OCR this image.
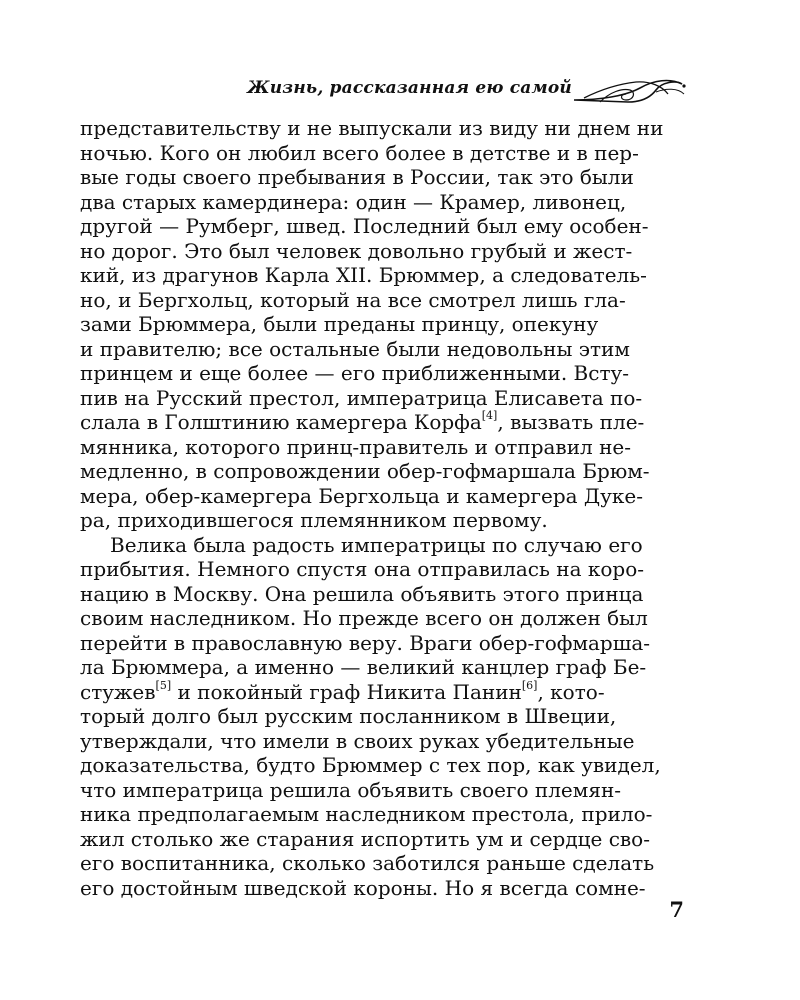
Жизнь, рассказанная ею самой
представительству и не выпускали из виду ни днем ни
ночью. Кого он любил всего более в детстве и в пер-
вые годы своего пребывания в России, так это были
два старых камердинера: один — Крамер, ливонец,
другой — Румберг, швед. Последний был ему особен-
но дорог. Это был человек довольно грубый и жест-
кий, из драгунов Карла XII. Брюммер, а следователь-
но, и Бергхольц, который на все смотрел лишь гла-
зами Брюммера, были преданы принцу, опекуну
и правителю; все остальные были недовольны этим
принцем и еще более — его приближенными. Всту-
пив на Русский престол, императрица Елисавета по-
слала в Голштинию камергера Корфа[4], вызвать пле-
мянника, которого принц-правитель и отправил не-
медленно, в сопровождении обер-гофмаршала Брюм-
мера, обер-камергера Бергхольца и камергера Дуке-
ра, приходившегося племянником первому.
Велика была радость императрицы по случаю его
прибытия. Немного спустя она отправилась на коро-
нацию в Москву. Она решила объявить этого принца
своим наследником. Но прежде всего он должен был
перейти в православную веру. Враги обер-гофмарша-
ла Брюммера, а именно — великий канцлер граф Бе-
стужев[5] и покойный граф Никита Панин[6], кото-
торый долго был русским посланником в Швеции,
утверждали, что имели в своих руках убедительные
доказательства, будто Брюммер с тех пор, как увидел,
что императрица решила объявить своего племян-
ника предполагаемым наследником престола, прило-
жил столько же старания испортить ум и сердце сво-
его воспитанника, сколько заботился раньше сделать
его достойным шведской короны. Но я всегда сомне-
7
